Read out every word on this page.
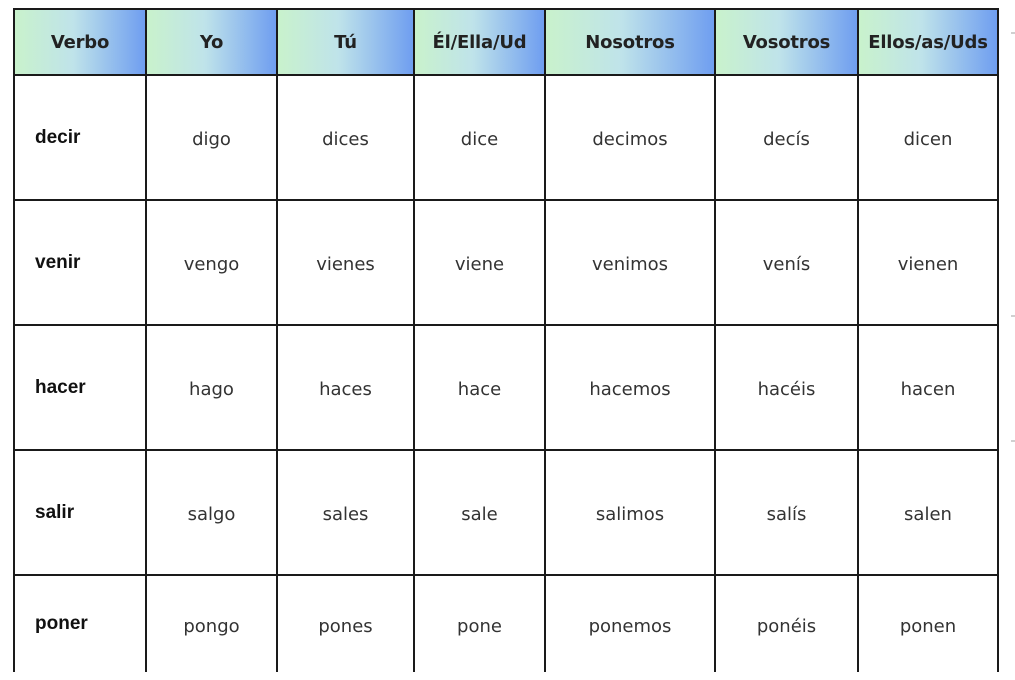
Verbo	Yo	Tú	Él/Ella/Ud	Nosotros	Vosotros	Ellos/as/Uds
decir	digo	dices	dice	decimos	decís	dicen
venir	vengo	vienes	viene	venimos	venís	vienen
hacer	hago	haces	hace	hacemos	hacéis	hacen
salir	salgo	sales	sale	salimos	salís	salen
poner	pongo	pones	pone	ponemos	ponéis	ponen
